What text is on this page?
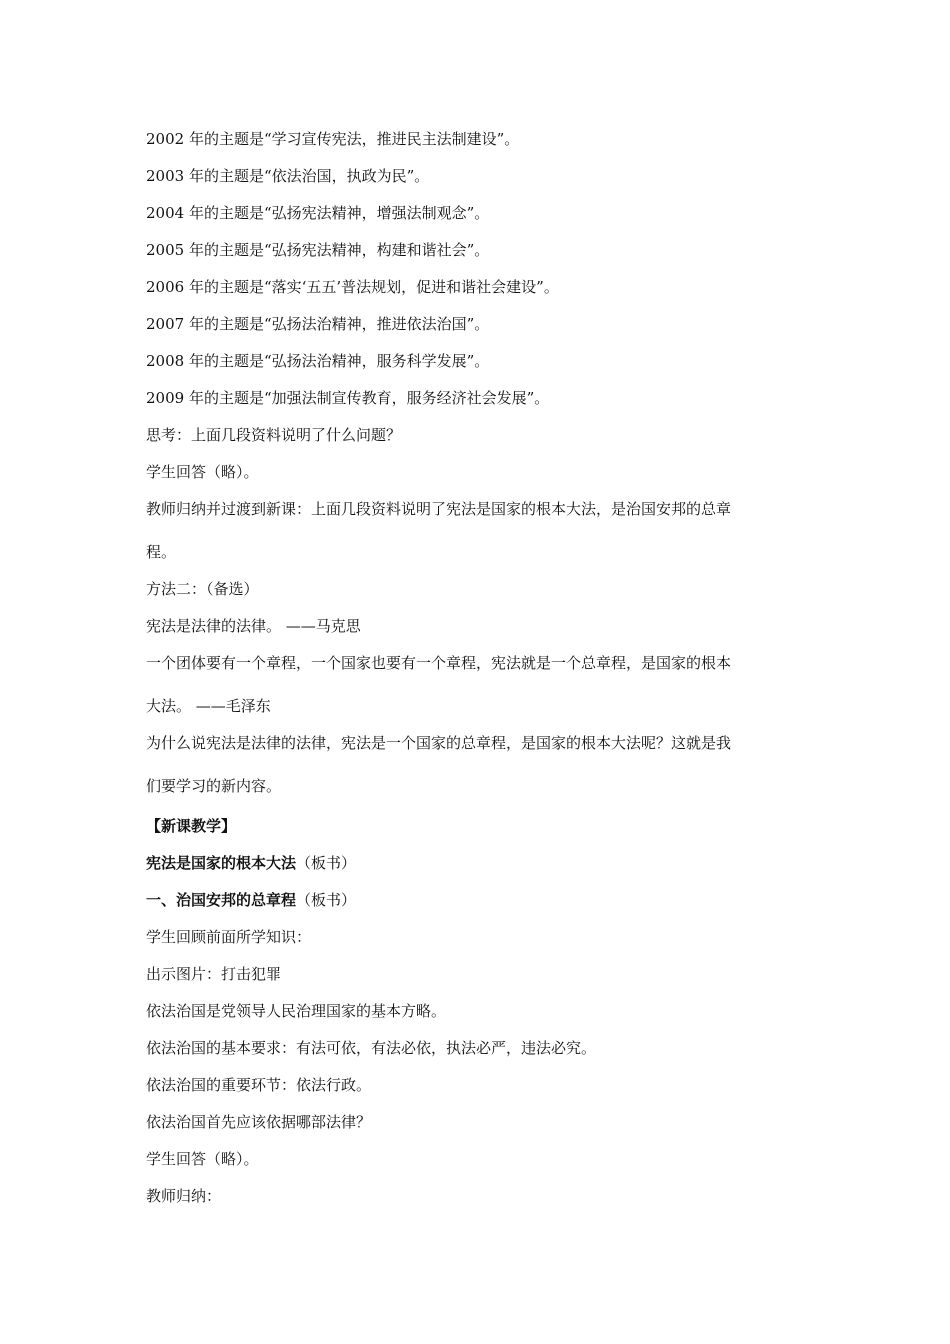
2002 年的主题是“学习宣传宪法，推进民主法制建设”。
2003 年的主题是“依法治国，执政为民”。
2004 年的主题是“弘扬宪法精神，增强法制观念”。
2005 年的主题是“弘扬宪法精神，构建和谐社会”。
2006 年的主题是“落实‘五五’普法规划，促进和谐社会建设”。
2007 年的主题是“弘扬法治精神，推进依法治国”。
2008 年的主题是“弘扬法治精神，服务科学发展”。
2009 年的主题是“加强法制宣传教育，服务经济社会发展”。
思考：上面几段资料说明了什么问题？
学生回答（略）。
教师归纳并过渡到新课：上面几段资料说明了宪法是国家的根本大法，是治国安邦的总章
程。
方法二：（备选）
宪法是法律的法律。 ——马克思
一个团体要有一个章程，一个国家也要有一个章程，宪法就是一个总章程，是国家的根本
大法。 ——毛泽东
为什么说宪法是法律的法律，宪法是一个国家的总章程，是国家的根本大法呢？这就是我
们要学习的新内容。
【新课教学】
宪法是国家的根本大法（板书）
一、治国安邦的总章程（板书）
学生回顾前面所学知识：
出示图片：打击犯罪
依法治国是党领导人民治理国家的基本方略。
依法治国的基本要求：有法可依，有法必依，执法必严，违法必究。
依法治国的重要环节：依法行政。
依法治国首先应该依据哪部法律？
学生回答（略）。
教师归纳：
